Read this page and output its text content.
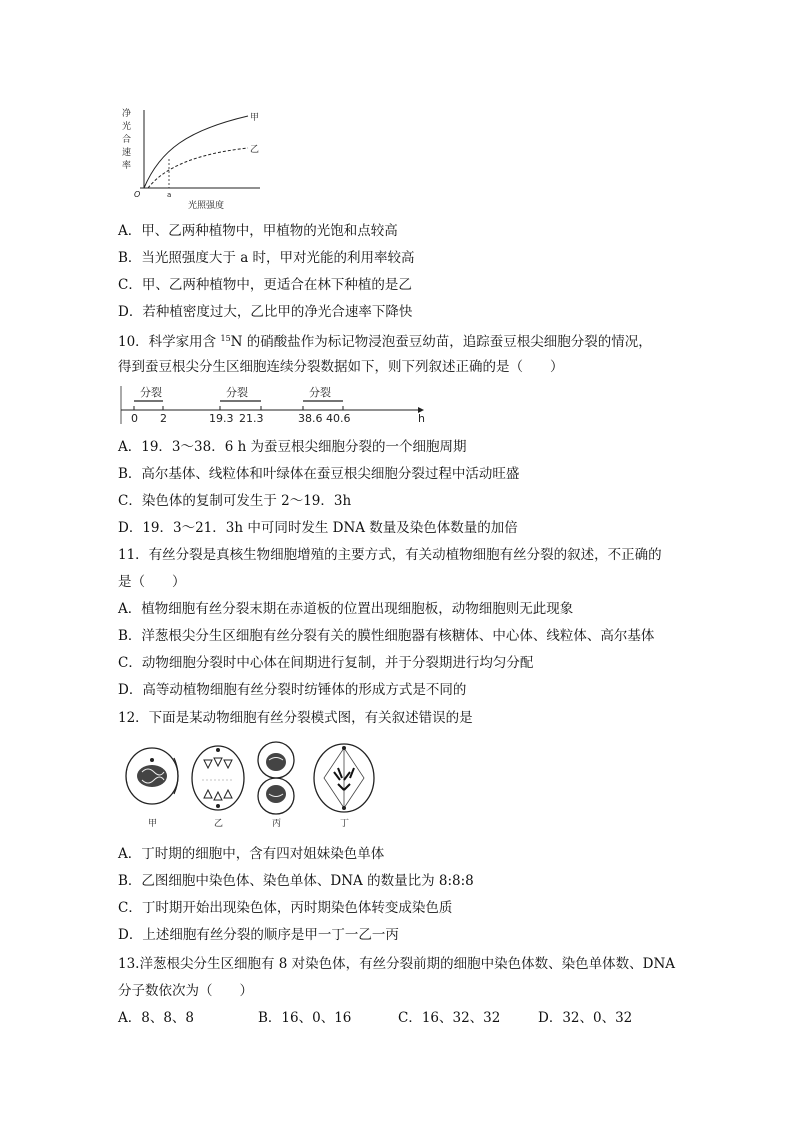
净
光
合
速
率
O	a
甲
乙
光照强度
A．甲、乙两种植物中，甲植物的光饱和点较高
B．当光照强度大于 a 时，甲对光能的利用率较高
C．甲、乙两种植物中，更适合在林下种植的是乙
D．若种植密度过大，乙比甲的净光合速率下降快
10．科学家用含 $^{15}$N 的硝酸盐作为标记物浸泡蚕豆幼苗，追踪蚕豆根尖细胞分裂的情况，
得到蚕豆根尖分生区细胞连续分裂数据如下，则下列叙述正确的是（　　）
分裂	分裂	分裂
0 2	19.3 21.3	38.6 40.6	h
A．19．3～38．6 h 为蚕豆根尖细胞分裂的一个细胞周期
B．高尔基体、线粒体和叶绿体在蚕豆根尖细胞分裂过程中活动旺盛
C．染色体的复制可发生于 2～19．3h
D．19．3～21．3h 中可同时发生 DNA 数量及染色体数量的加倍
11．有丝分裂是真核生物细胞增殖的主要方式，有关动植物细胞有丝分裂的叙述，不正确的
是（　　）
A．植物细胞有丝分裂末期在赤道板的位置出现细胞板，动物细胞则无此现象
B．洋葱根尖分生区细胞有丝分裂有关的膜性细胞器有核糖体、中心体、线粒体、高尔基体
C．动物细胞分裂时中心体在间期进行复制，并于分裂期进行均匀分配
D．高等动植物细胞有丝分裂时纺锤体的形成方式是不同的
12．下面是某动物细胞有丝分裂模式图，有关叙述错误的是
甲	乙	丙	丁
A．丁时期的细胞中，含有四对姐妹染色单体
B．乙图细胞中染色体、染色单体、DNA 的数量比为 8:8:8
C．丁时期开始出现染色体，丙时期染色体转变成染色质
D．上述细胞有丝分裂的顺序是甲一丁一乙一丙
13.洋葱根尖分生区细胞有 8 对染色体，有丝分裂前期的细胞中染色体数、染色单体数、DNA
分子数依次为（　　）
A．8、8、8	B．16、0、16	C．16、32、32	D．32、0、32
